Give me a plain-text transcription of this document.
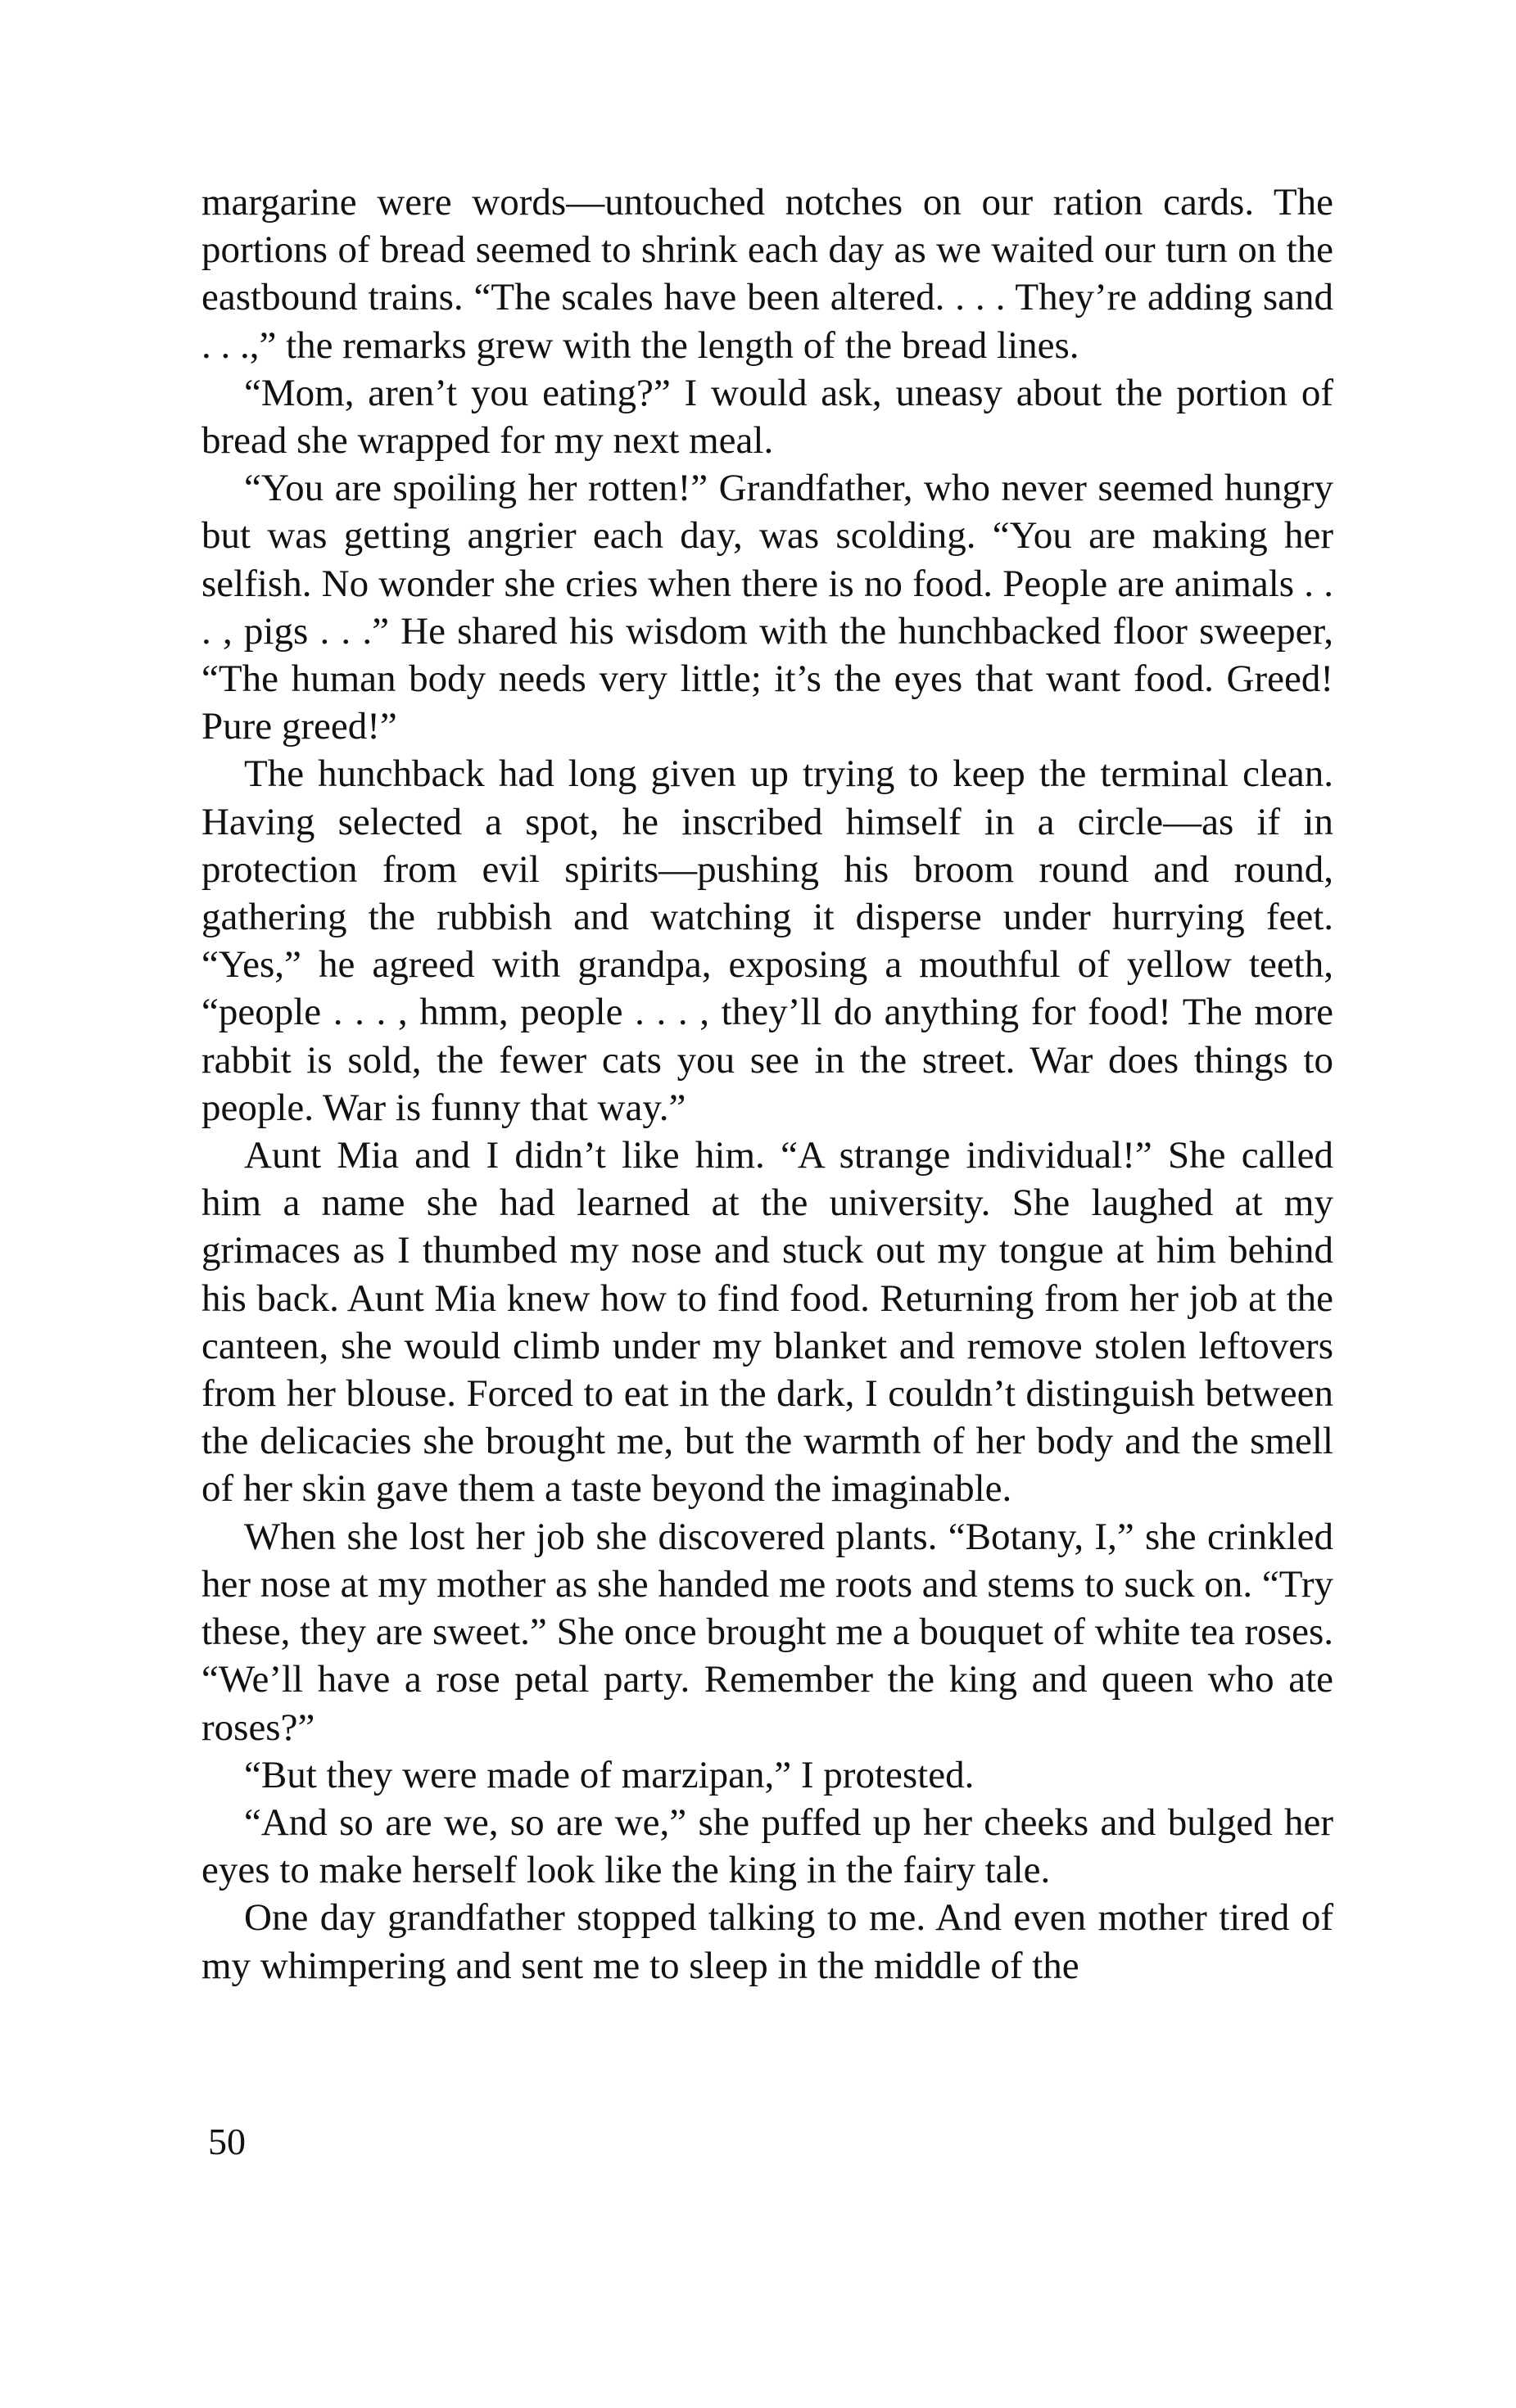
margarine were words—untouched notches on our ration cards. The portions of bread seemed to shrink each day as we waited our turn on the eastbound trains. “The scales have been altered. . . . They’re adding sand . . .,” the remarks grew with the length of the bread lines.

“Mom, aren’t you eating?” I would ask, uneasy about the portion of bread she wrapped for my next meal.

“You are spoiling her rotten!” Grandfather, who never seemed hungry but was getting angrier each day, was scolding. “You are making her selfish. No wonder she cries when there is no food. People are animals . . . , pigs . . .” He shared his wisdom with the hunchbacked floor sweeper, “The human body needs very little; it’s the eyes that want food. Greed! Pure greed!”

The hunchback had long given up trying to keep the terminal clean. Having selected a spot, he inscribed himself in a circle—as if in protection from evil spirits—pushing his broom round and round, gathering the rubbish and watching it disperse under hurrying feet. “Yes,” he agreed with grandpa, exposing a mouthful of yellow teeth, “people . . . , hmm, people . . . , they’ll do anything for food! The more rabbit is sold, the fewer cats you see in the street. War does things to people. War is funny that way.”

Aunt Mia and I didn’t like him. “A strange individual!” She called him a name she had learned at the university. She laughed at my grimaces as I thumbed my nose and stuck out my tongue at him behind his back. Aunt Mia knew how to find food. Returning from her job at the canteen, she would climb under my blanket and remove stolen leftovers from her blouse. Forced to eat in the dark, I couldn’t distinguish between the delicacies she brought me, but the warmth of her body and the smell of her skin gave them a taste beyond the imaginable.

When she lost her job she discovered plants. “Botany, I,” she crinkled her nose at my mother as she handed me roots and stems to suck on. “Try these, they are sweet.” She once brought me a bouquet of white tea roses. “We’ll have a rose petal party. Remember the king and queen who ate roses?”

“But they were made of marzipan,” I protested.

“And so are we, so are we,” she puffed up her cheeks and bulged her eyes to make herself look like the king in the fairy tale.

One day grandfather stopped talking to me. And even mother tired of my whimpering and sent me to sleep in the middle of the

50
